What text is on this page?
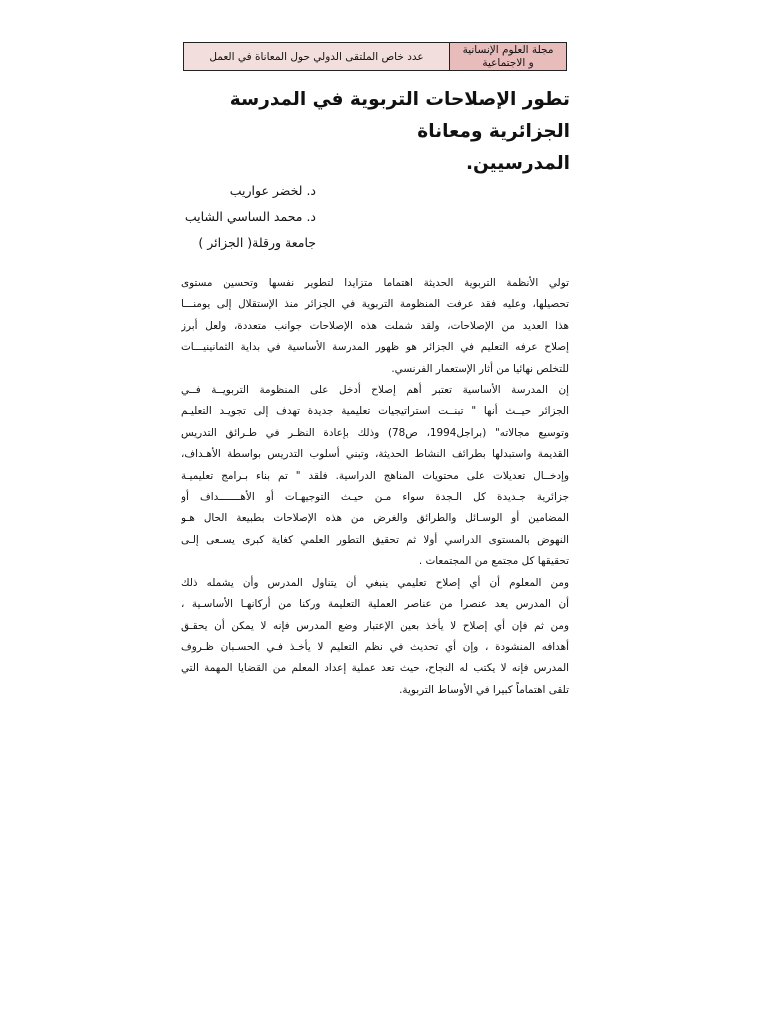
عدد خاص الملتقى الدولي حول المعاناة في العمل
مجلة العلوم الإنسانية
و الاجتماعية
تطور الإصلاحات التربوية في المدرسة الجزائرية ومعاناة
المدرسيين.
د. لخضر عواريب
د. محمد الساسي الشايب
جامعة ورقلة( الجزائر )

تولي الأنظمة التربوية الحديثة اهتماما متزايدا لتطوير نفسها وتحسين مستوى
تحصيلها، وعليه فقد عرفت المنظومة التربوية في الجزائر منذ الإستقلال إلى يومنـــا
هذا العديد من الإصلاحات، ولقد شملت هذه الإصلاحات جوانب متعددة، ولعل أبرز
إصلاح عرفه التعليم في الجزائر هو ظهور المدرسة الأساسية في بداية الثمانينيـــات
للتخلص نهائيا من أثار الإستعمار الفرنسي.

إن المدرسة الأساسية تعتبر أهم إصلاح أدخل على المنظومة التربويــة فــي
الجزائر حيــث أنها " تبنــت استراتيجيات تعليمية جديدة تهدف إلى تجويـد التعليـم
وتوسيع مجالاته" (براجل1994، ص78) وذلك بإعادة النظـر في طـرائق التدريس
القديمة واستبدلها بطرائف النشاط الحديثة، وتبني أسلوب التدريس بواسطة الأهـداف،
وإدخــال تعديلات على محتويات المناهج الدراسية. فلقد " تم بناء بـرامج تعليميـة
جزائرية جـديدة كل الـجدة سواء مـن حيـث التوجيهـات أو الأهـــــــداف أو
المضامين أو الوسـائل والطرائق والغرض من هذه الإصلاحات بطبيعة الحال هـو
النهوض بالمستوى الدراسي أولا ثم تحقيق التطور العلمي كغاية كبرى يسـعى إلـى
تحقيقها كل مجتمع من المجتمعات .

ومن المعلوم أن أي إصلاح تعليمي ينبغي أن يتناول المدرس وأن يشمله ذلك
أن المدرس يعد عنصرا من عناصر العملية التعليمة وركنا من أركانهـا الأساسـية ،
ومن ثم فإن أي إصلاح لا يأخذ بعين الإعتبار وضع المدرس فإنه لا يمكن أن يحقـق
أهدافه المنشودة ، وإن أي تحديث في نظم التعليم لا يأخـذ فـي الحسـبان ظـروف
المدرس فإنه لا يكتب له النجاح، حيث تعد عملية إعداد المعلم من القضايا المهمة التي
تلقى اهتماماً كبيرا في الأوساط التربوية.
